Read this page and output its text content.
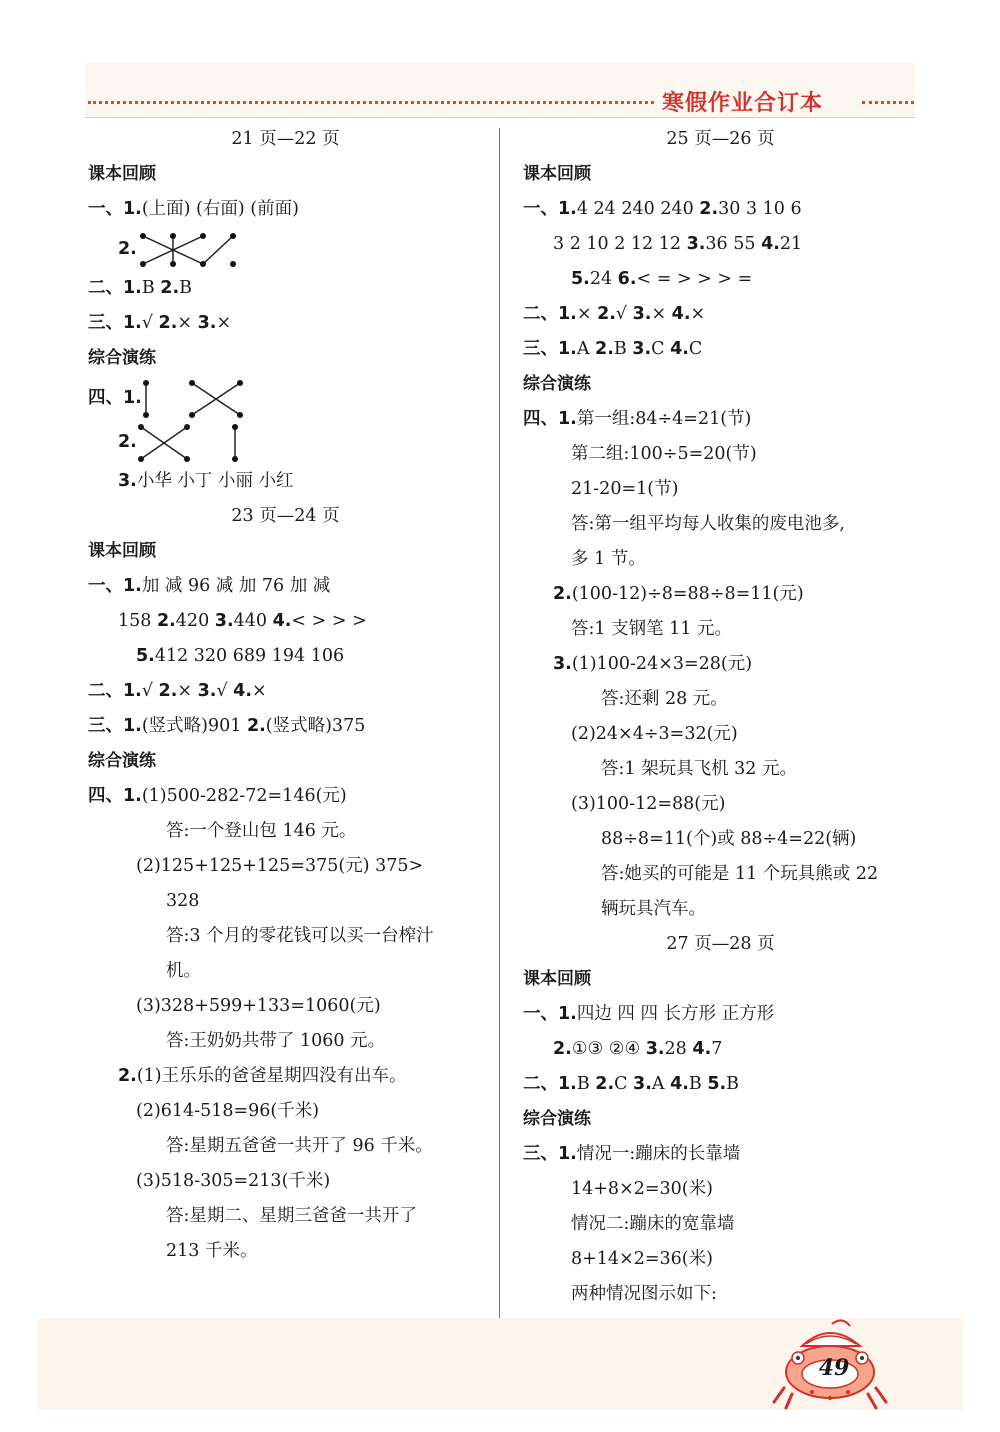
寒假作业合订本
21 页—22 页
课本回顾
一、1.(上面) (右面) (前面)
2.
二、1.B 2.B
三、1.√ 2.× 3.×
综合演练
四、1.
2.
3.小华 小丁 小丽 小红
23 页—24 页
课本回顾
一、1.加 减 96 减 加 76 加 减
158 2.420 3.440 4.< > > >
5.412 320 689 194 106
二、1.√ 2.× 3.√ 4.×
三、1.(竖式略)901 2.(竖式略)375
综合演练
四、1.(1)500-282-72=146(元)
答:一个登山包 146 元。
(2)125+125+125=375(元) 375>
328
答:3 个月的零花钱可以买一台榨汁
机。
(3)328+599+133=1060(元)
答:王奶奶共带了 1060 元。
2.(1)王乐乐的爸爸星期四没有出车。
(2)614-518=96(千米)
答:星期五爸爸一共开了 96 千米。
(3)518-305=213(千米)
答:星期二、星期三爸爸一共开了
213 千米。
25 页—26 页
课本回顾
一、1.4 24 240 240 2.30 3 10 6
3 2 10 2 12 12 3.36 55 4.21
5.24 6.< = > > > =
二、1.× 2.√ 3.× 4.×
三、1.A 2.B 3.C 4.C
综合演练
四、1.第一组:84÷4=21(节)
第二组:100÷5=20(节)
21-20=1(节)
答:第一组平均每人收集的废电池多,
多 1 节。
2.(100-12)÷8=88÷8=11(元)
答:1 支钢笔 11 元。
3.(1)100-24×3=28(元)
答:还剩 28 元。
(2)24×4÷3=32(元)
答:1 架玩具飞机 32 元。
(3)100-12=88(元)
88÷8=11(个)或 88÷4=22(辆)
答:她买的可能是 11 个玩具熊或 22
辆玩具汽车。
27 页—28 页
课本回顾
一、1.四边 四 四 长方形 正方形
2.①③ ②④ 3.28 4.7
二、1.B 2.C 3.A 4.B 5.B
综合演练
三、1.情况一:蹦床的长靠墙
14+8×2=30(米)
情况二:蹦床的宽靠墙
8+14×2=36(米)
两种情况图示如下:
49
